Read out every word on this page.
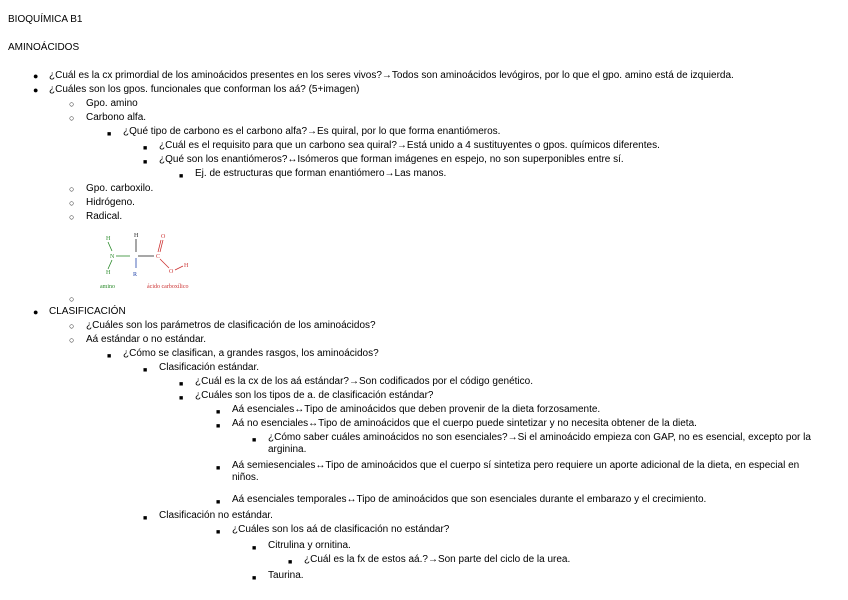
BIOQUÍMICA B1
AMINOÁCIDOS
●
¿Cuál es la cx primordial de los aminoácidos presentes en los seres vivos?→Todos son aminoácidos levógiros, por lo que el gpo. amino está de izquierda.
●
¿Cuáles son los gpos. funcionales que conforman los aá? (5+imagen)
○
Gpo. amino
○
Carbono alfa.
■
¿Qué tipo de carbono es el carbono alfa?→Es quiral, por lo que forma enantiómeros.
■
¿Cuál es el requisito para que un carbono sea quiral?→Está unido a 4 sustituyentes o gpos. químicos diferentes.
■
¿Qué son los enantiómeros?↔Isómeros que forman imágenes en espejo, no son superponibles entre sí.
■
Ej. de estructuras que forman enantiómero→Las manos.
○
Gpo. carboxilo.
○
Hidrógeno.
○
Radical.
H
H
N
H
R
C
O
O
H
amino	ácido carboxílico
○
●
CLASIFICACIÓN
○
¿Cuáles son los parámetros de clasificación de los aminoácidos?
○
Aá estándar o no estándar.
■
¿Cómo se clasifican, a grandes rasgos, los aminoácidos?
■
Clasificación estándar.
■
¿Cuál es la cx de los aá estándar?→Son codificados por el código genético.
■
¿Cuáles son los tipos de a. de clasificación estándar?
■
Aá esenciales↔Tipo de aminoácidos que deben provenir de la dieta forzosamente.
■
Aá no esenciales↔Tipo de aminoácidos que el cuerpo puede sintetizar y no necesita obtener de la dieta.
■
¿Cómo saber cuáles aminoácidos no son esenciales?→Si el aminoácido empieza con GAP, no es esencial, excepto por la arginina.
■
Aá semiesenciales↔Tipo de aminoácidos que el cuerpo sí sintetiza pero requiere un aporte adicional de la dieta, en especial en niños.
■
Aá esenciales temporales↔Tipo de aminoácidos que son esenciales durante el embarazo y el crecimiento.
■
Clasificación no estándar.
■
¿Cuáles son los aá de clasificación no estándar?
■
Citrulina y ornitina.
■
¿Cuál es la fx de estos aá.?→Son parte del ciclo de la urea.
■
Taurina.
